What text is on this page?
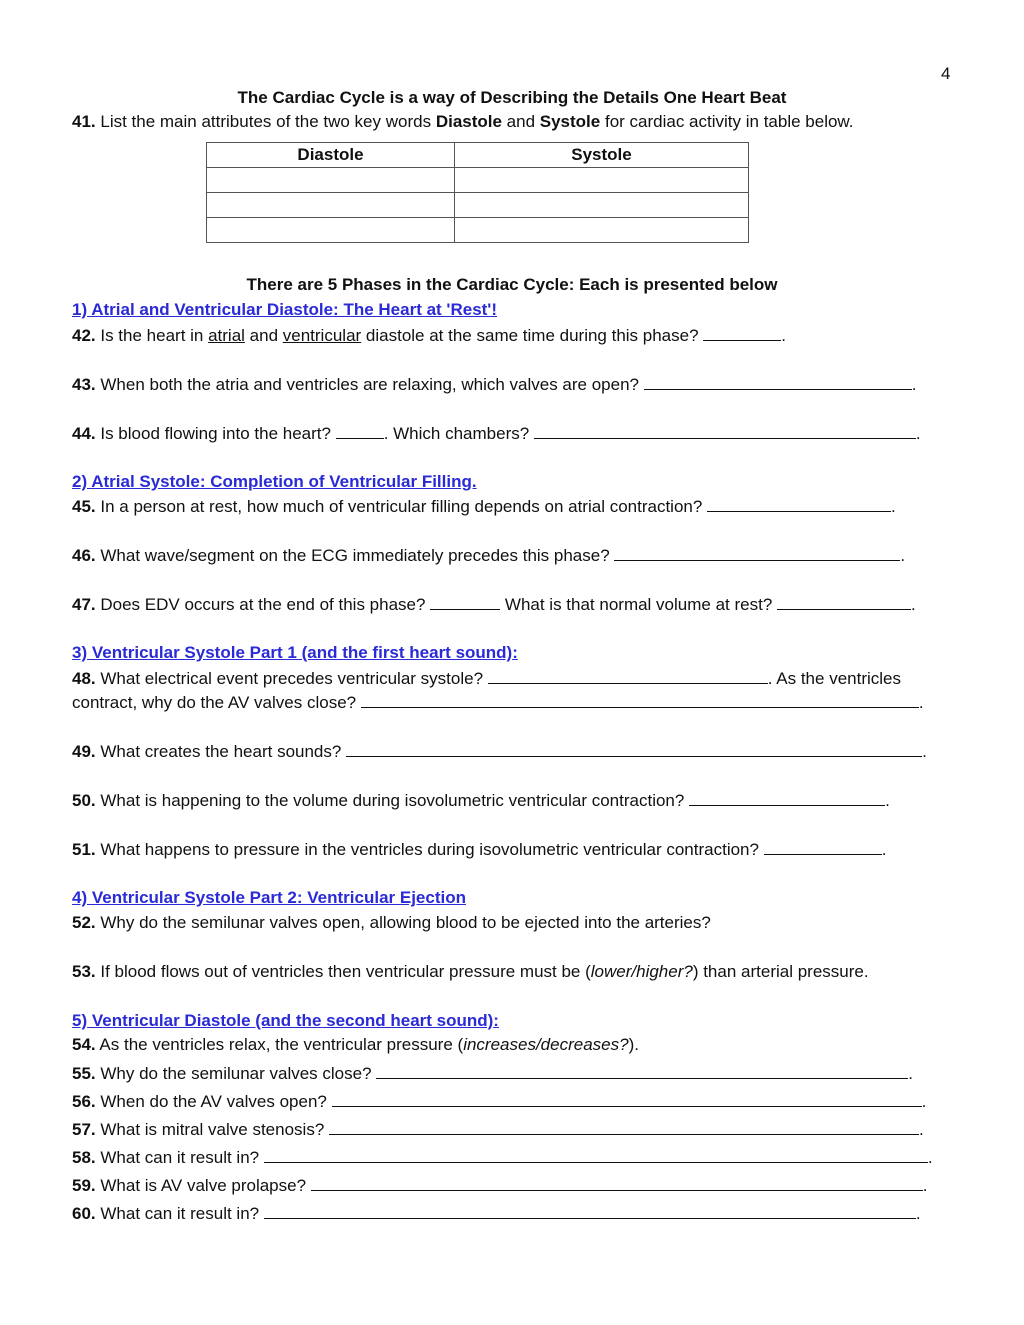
4
The Cardiac Cycle is a way of Describing the Details One Heart Beat
41. List the main attributes of the two key words Diastole and Systole for cardiac activity in table below.
Diastole	Systole

There are 5 Phases in the Cardiac Cycle: Each is presented below
1) Atrial and Ventricular Diastole: The Heart at 'Rest'!
42. Is the heart in atrial and ventricular diastole at the same time during this phase?	.
43. When both the atria and ventricles are relaxing, which valves are open?	.
44. Is blood flowing into the heart?	. Which chambers?	.
2) Atrial Systole: Completion of Ventricular Filling.
45. In a person at rest, how much of ventricular filling depends on atrial contraction?	.
46. What wave/segment on the ECG immediately precedes this phase?	.
47. Does EDV occurs at the end of this phase?	What is that normal volume at rest?	.
3) Ventricular Systole Part 1 (and the first heart sound):
48. What electrical event precedes ventricular systole?	. As the ventricles
contract, why do the AV valves close?	.
49. What creates the heart sounds?	.
50. What is happening to the volume during isovolumetric ventricular contraction?	.
51. What happens to pressure in the ventricles during isovolumetric ventricular contraction?	.
4) Ventricular Systole Part 2: Ventricular Ejection
52. Why do the semilunar valves open, allowing blood to be ejected into the arteries?
53. If blood flows out of ventricles then ventricular pressure must be (lower/higher?) than arterial pressure.
5) Ventricular Diastole (and the second heart sound):
54. As the ventricles relax, the ventricular pressure (increases/decreases?).
55. Why do the semilunar valves close?	.
56. When do the AV valves open?	.
57. What is mitral valve stenosis?	.
58. What can it result in?	.
59. What is AV valve prolapse?	.
60. What can it result in?	.
